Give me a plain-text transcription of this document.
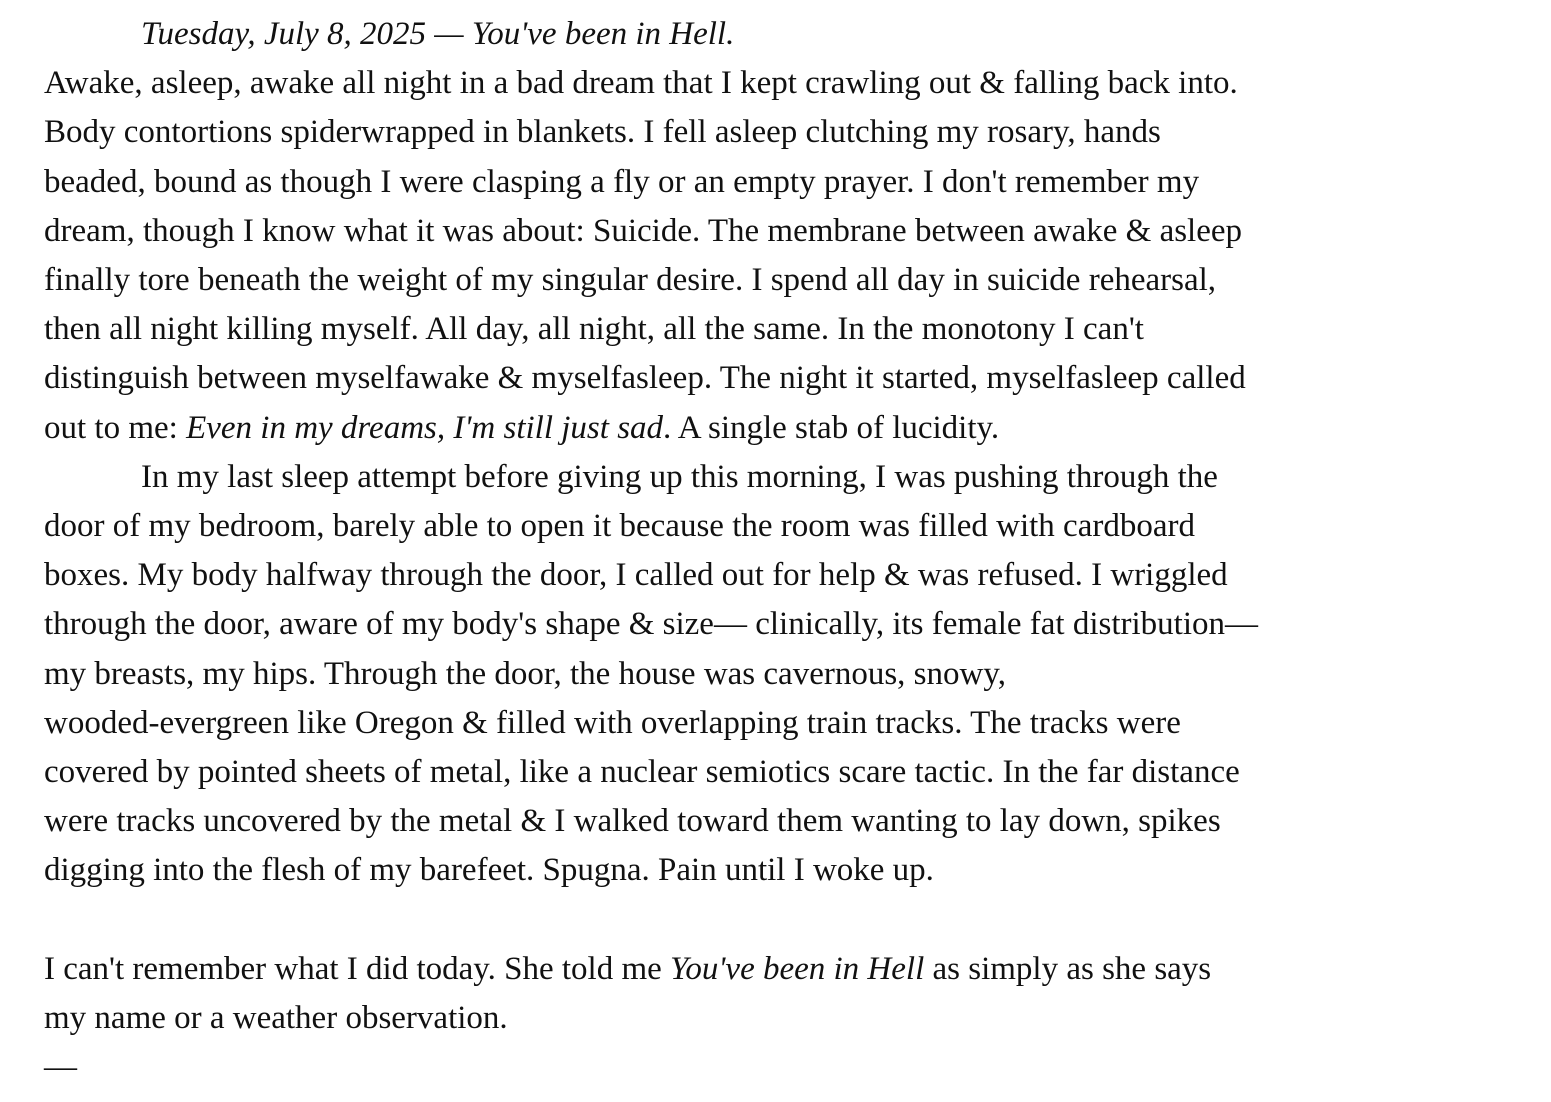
Tuesday, July 8, 2025 — You've been in Hell.
Awake, asleep, awake all night in a bad dream that I kept crawling out & falling back into.
Body contortions spiderwrapped in blankets. I fell asleep clutching my rosary, hands
beaded, bound as though I were clasping a fly or an empty prayer. I don't remember my
dream, though I know what it was about: Suicide. The membrane between awake & asleep
finally tore beneath the weight of my singular desire. I spend all day in suicide rehearsal,
then all night killing myself. All day, all night, all the same. In the monotony I can't
distinguish between myselfawake & myselfasleep. The night it started, myselfasleep called
out to me: Even in my dreams, I'm still just sad. A single stab of lucidity.
In my last sleep attempt before giving up this morning, I was pushing through the
door of my bedroom, barely able to open it because the room was filled with cardboard
boxes. My body halfway through the door, I called out for help & was refused. I wriggled
through the door, aware of my body's shape & size— clinically, its female fat distribution—
my breasts, my hips. Through the door, the house was cavernous, snowy,
wooded-evergreen like Oregon & filled with overlapping train tracks. The tracks were
covered by pointed sheets of metal, like a nuclear semiotics scare tactic. In the far distance
were tracks uncovered by the metal & I walked toward them wanting to lay down, spikes
digging into the flesh of my barefeet. Spugna. Pain until I woke up.
I can't remember what I did today. She told me You've been in Hell as simply as she says
my name or a weather observation.
—
